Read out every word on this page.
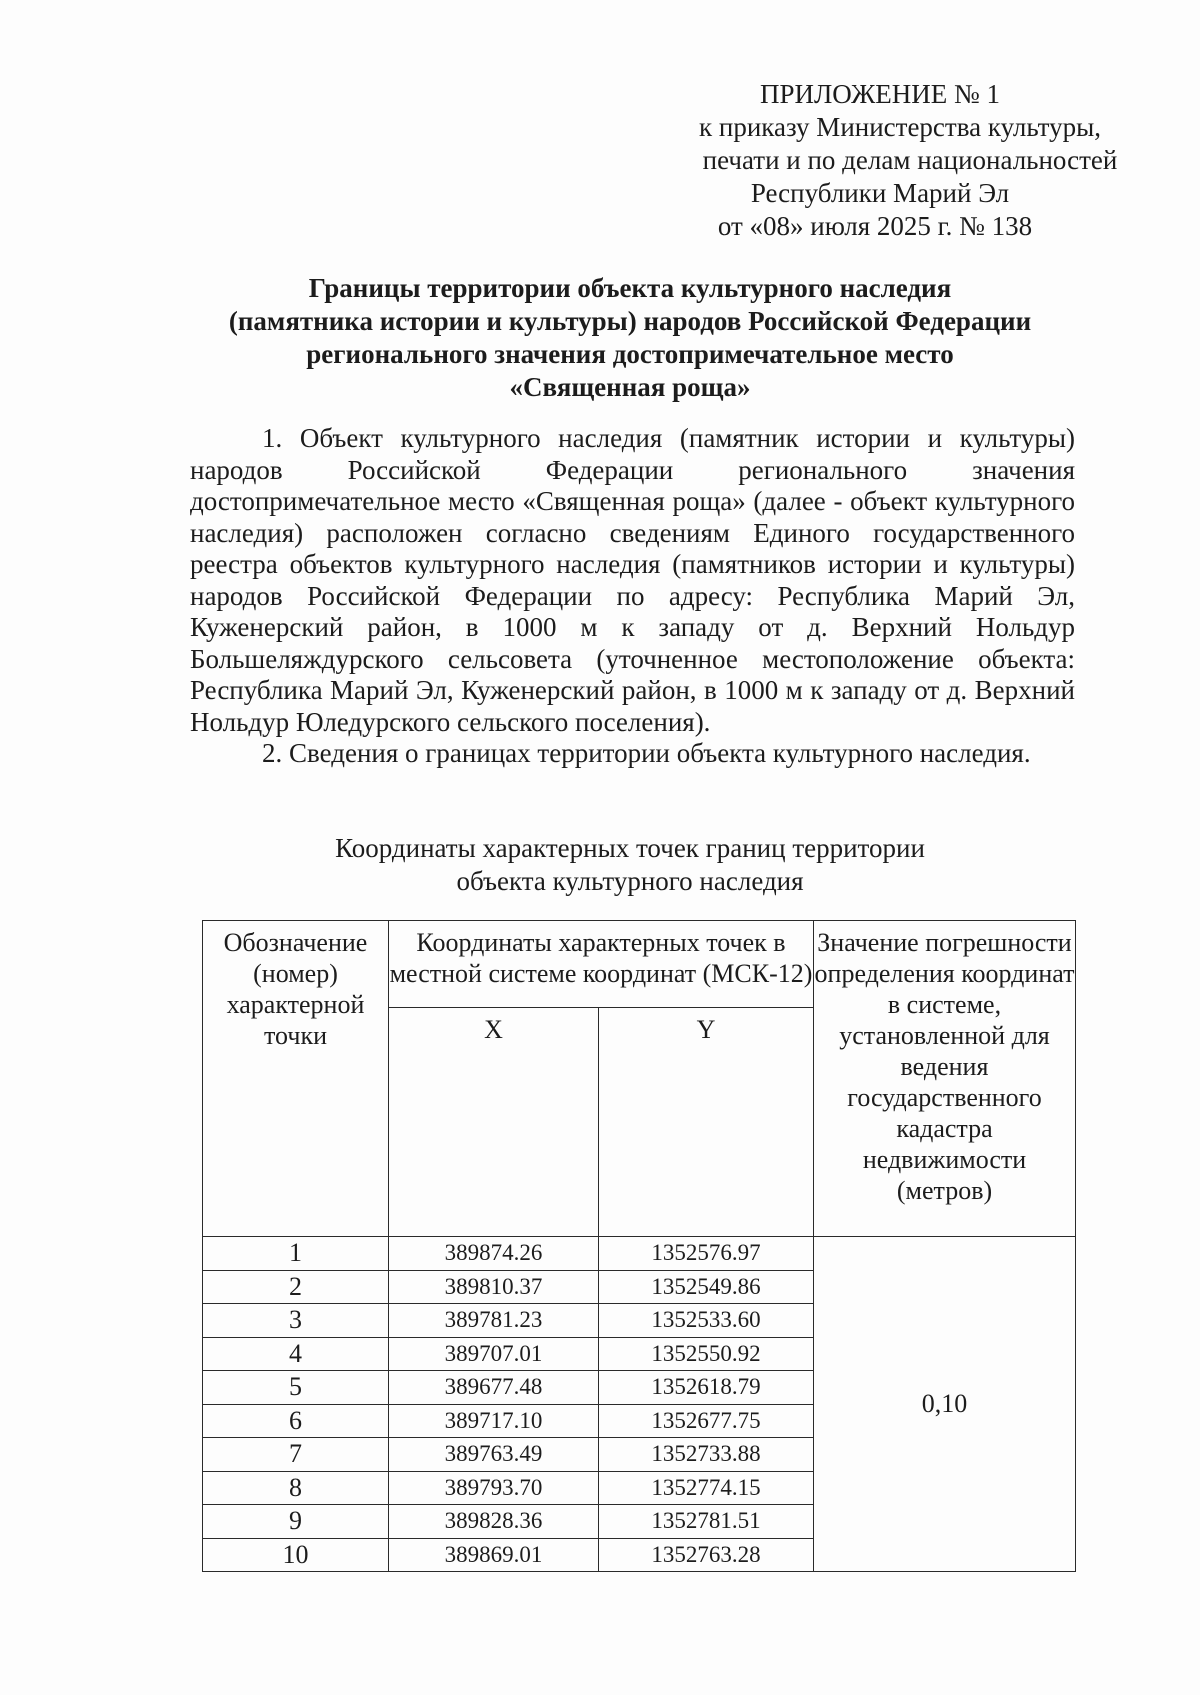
ПРИЛОЖЕНИЕ № 1
к приказу Министерства культуры,
печати и по делам национальностей
Республики Марий Эл
от «08» июля 2025 г. № 138
Границы территории объекта культурного наследия
(памятника истории и культуры) народов Российской Федерации
регионального значения достопримечательное место
«Священная роща»

1. Объект культурного наследия (памятник истории и культуры) народов Российской Федерации регионального значения достопримечательное место «Священная роща» (далее - объект культурного наследия) расположен согласно сведениям Единого государственного реестра объектов культурного наследия (памятников истории и культуры) народов Российской Федерации по адресу: Республика Марий Эл, Куженерский район, в 1000 м к западу от д. Верхний Нольдур Большеляждурского сельсовета (уточненное местоположение объекта: Республика Марий Эл, Куженерский район, в 1000 м к западу от д. Верхний Нольдур Юледурского сельского поселения).

2. Сведения о границах территории объекта культурного наследия.

Координаты характерных точек границ территории
объекта культурного наследия
Обозначение (номер) характерной точки	Координаты характерных точек в местной системе координат (МСК-12)		Значение погрешности определения координат в системе, установленной для ведения государственного кадастра недвижимости (метров)
	X	Y	
1	389874.26	1352576.97	0,10
2	389810.37	1352549.86	
3	389781.23	1352533.60	
4	389707.01	1352550.92	
5	389677.48	1352618.79	
6	389717.10	1352677.75	
7	389763.49	1352733.88	
8	389793.70	1352774.15	
9	389828.36	1352781.51	
10	389869.01	1352763.28	
